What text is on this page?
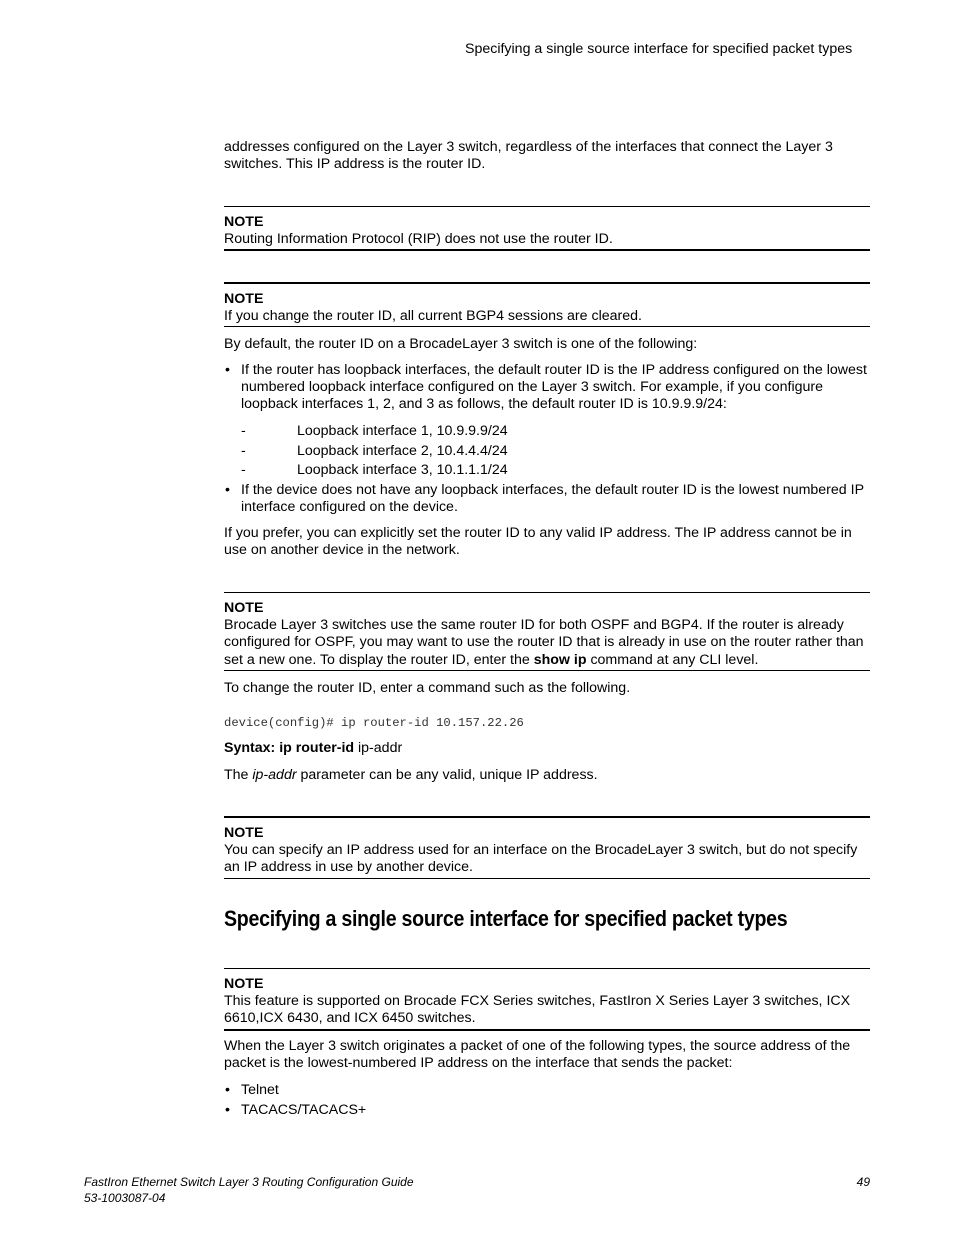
Specifying a single source interface for specified packet types
addresses configured on the Layer 3 switch, regardless of the interfaces that connect the Layer 3
switches. This IP address is the router ID.
NOTE
Routing Information Protocol (RIP) does not use the router ID.
NOTE
If you change the router ID, all current BGP4 sessions are cleared.
By default, the router ID on a BrocadeLayer 3 switch is one of the following:
• If the router has loopback interfaces, the default router ID is the IP address configured on the lowest
numbered loopback interface configured on the Layer 3 switch. For example, if you configure
loopback interfaces 1, 2, and 3 as follows, the default router ID is 10.9.9.9/24:
-	Loopback interface 1, 10.9.9.9/24
-	Loopback interface 2, 10.4.4.4/24
-	Loopback interface 3, 10.1.1.1/24
• If the device does not have any loopback interfaces, the default router ID is the lowest numbered IP
interface configured on the device.
If you prefer, you can explicitly set the router ID to any valid IP address. The IP address cannot be in
use on another device in the network.
NOTE
Brocade Layer 3 switches use the same router ID for both OSPF and BGP4. If the router is already
configured for OSPF, you may want to use the router ID that is already in use on the router rather than
set a new one. To display the router ID, enter the show ip command at any CLI level.
To change the router ID, enter a command such as the following.
device(config)# ip router-id 10.157.22.26
Syntax: ip router-id ip-addr
The ip-addr parameter can be any valid, unique IP address.
NOTE
You can specify an IP address used for an interface on the BrocadeLayer 3 switch, but do not specify
an IP address in use by another device.
Specifying a single source interface for specified packet types
NOTE
This feature is supported on Brocade FCX Series switches, FastIron X Series Layer 3 switches, ICX
6610,ICX 6430, and ICX 6450 switches.
When the Layer 3 switch originates a packet of one of the following types, the source address of the
packet is the lowest-numbered IP address on the interface that sends the packet:
• Telnet
• TACACS/TACACS+
FastIron Ethernet Switch Layer 3 Routing Configuration Guide
53-1003087-04
49
